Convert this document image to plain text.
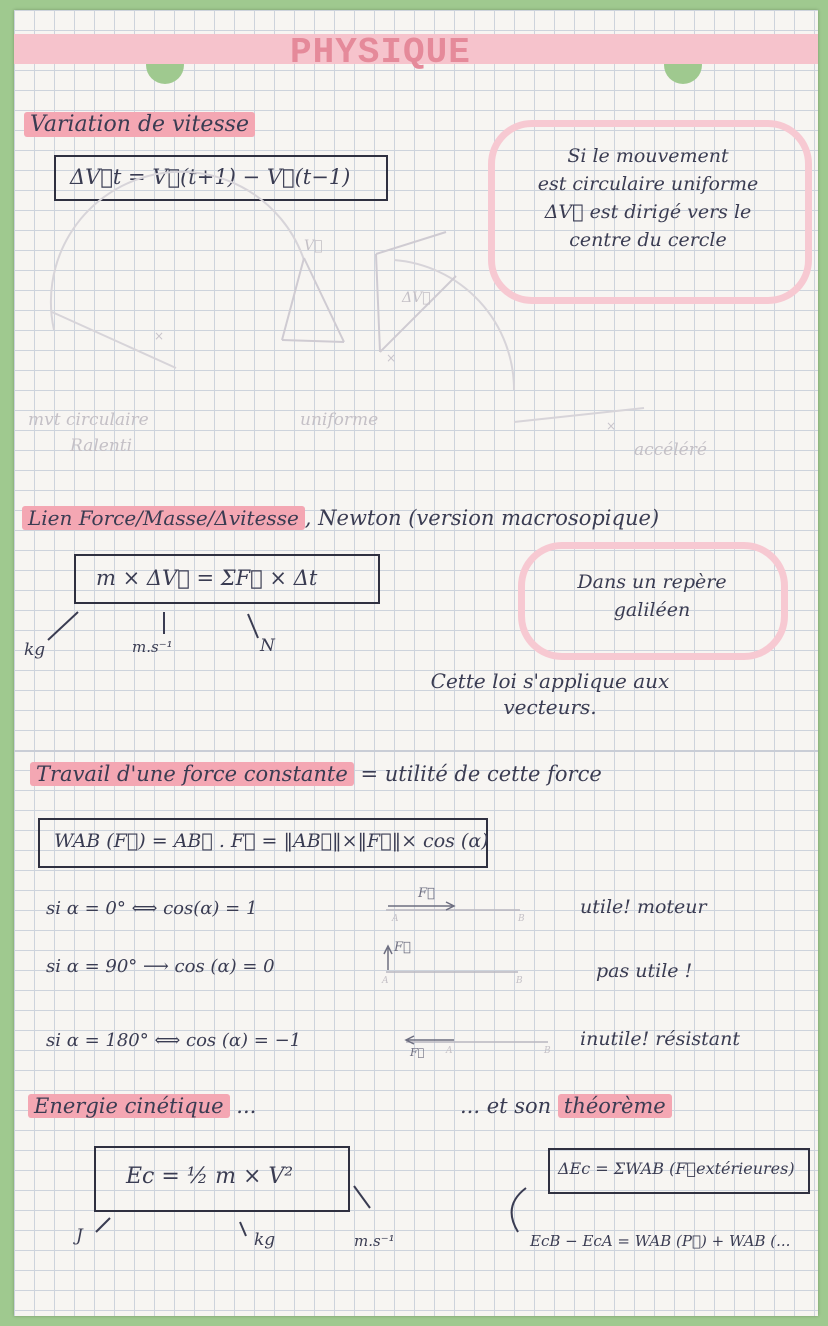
PHYSIQUE
Variation de vitesse
ΔV⃗t = V⃗(t+1) − V⃗(t−1)
Si le mouvement
est circulaire uniforme
ΔV⃗ est dirigé vers le
centre du cercle
×
×
×
V⃗
ΔV⃗
mvt circulaire
Ralenti
uniforme
accéléré
Lien Force/Masse/Δvitesse , Newton (version macrosopique)
m × ΔV⃗ = ΣF⃗ × Δt	Dans un repère
galiléen
kg	m.s⁻¹	N
Cette loi s'applique aux
vecteurs.
Travail d'une force constante = utilité de cette force
WAB (F⃗) = AB⃗ . F⃗ = ‖AB⃗‖×‖F⃗‖× cos (α)
si α = 0° ⟺ cos(α) = 1	utile! moteur
si α = 90° ⟶ cos (α) = 0	pas utile !
si α = 180° ⟺ cos (α) = −1	inutile! résistant
A	B
F⃗
A	B
F⃗
A	B
F⃗
Energie cinétique ...	... et son théorème
Ec = ½ m × V²	ΔEc = ΣWAB (F⃗extérieures)
J	kg	m.s⁻¹	EcB − EcA = WAB (P⃗) + WAB (...
